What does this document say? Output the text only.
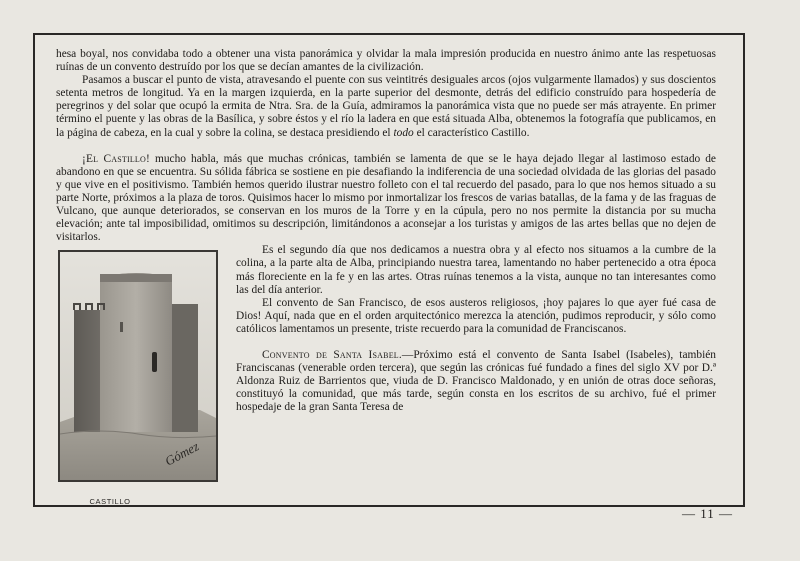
hesa boyal, nos convidaba todo a obtener una vista panorámica y olvidar la mala impresión producida en nuestro ánimo ante las respetuosas ruínas de un convento destruído por los que se decían amantes de la civilización.

Pasamos a buscar el punto de vista, atravesando el puente con sus veintitrés desiguales arcos (ojos vulgarmente llamados) y sus doscientos setenta metros de longitud. Ya en la margen izquierda, en la parte superior del desmonte, detrás del edificio construído para hospedería de peregrinos y del solar que ocupó la ermita de Ntra. Sra. de la Guía, admiramos la panorámica vista que no puede ser más atrayente. En primer término el puente y las obras de la Basílica, y sobre éstos y el río la ladera en que está situada Alba, obtenemos la fotografía que publicamos, en la página de cabeza, en la cual y sobre la colina, se destaca presidiendo el todo el característico Castillo.

¡El Castillo! mucho habla, más que muchas crónicas, también se lamenta de que se le haya dejado llegar al lastimoso estado de abandono en que se encuentra. Su sólida fábrica se sostiene en pie desafiando la indiferencia de una sociedad olvidada de las glorias del pasado y que vive en el positivismo. También hemos querido ilustrar nuestro folleto con el tal recuerdo del pasado, para lo que nos hemos situado a su parte Norte, próximos a la plaza de toros. Quisimos hacer lo mismo por inmortalizar los frescos de varias batallas, de la fama y de las fraguas de Vulcano, que aunque deteriorados, se conservan en los muros de la Torre y en la cúpula, pero no nos permite la distancia por su mucha elevación; ante tal imposibilidad, omitimos su descripción, limitándonos a aconsejar a los turistas y amigos de las artes bellas que no dejen de visitarlos.

Gómez
CASTILLO

Es el segundo día que nos dedicamos a nuestra obra y al efecto nos situamos a la cumbre de la colina, a la parte alta de Alba, principiando nuestra tarea, lamentando no haber pertenecido a otra época más floreciente en la fe y en las artes. Otras ruínas tenemos a la vista, aunque no tan interesantes como las del día anterior.

El convento de San Francisco, de esos austeros religiosos, ¡hoy pajares lo que ayer fué casa de Dios! Aquí, nada que en el orden arquitectónico merezca la atención, pudimos reproducir, y sólo como católicos lamentamos un presente, triste recuerdo para la comunidad de Franciscanos.

Convento de Santa Isabel.—Próximo está el convento de Santa Isabel (Isabeles), también Franciscanas (venerable orden tercera), que según las crónicas fué fundado a fines del siglo XV por D.ª Aldonza Ruiz de Barrientos que, viuda de D. Francisco Maldonado, y en unión de otras doce señoras, constituyó la comunidad, que más tarde, según consta en los escritos de su archivo, fué el primer hospedaje de la gran Santa Teresa de

— 11 —
